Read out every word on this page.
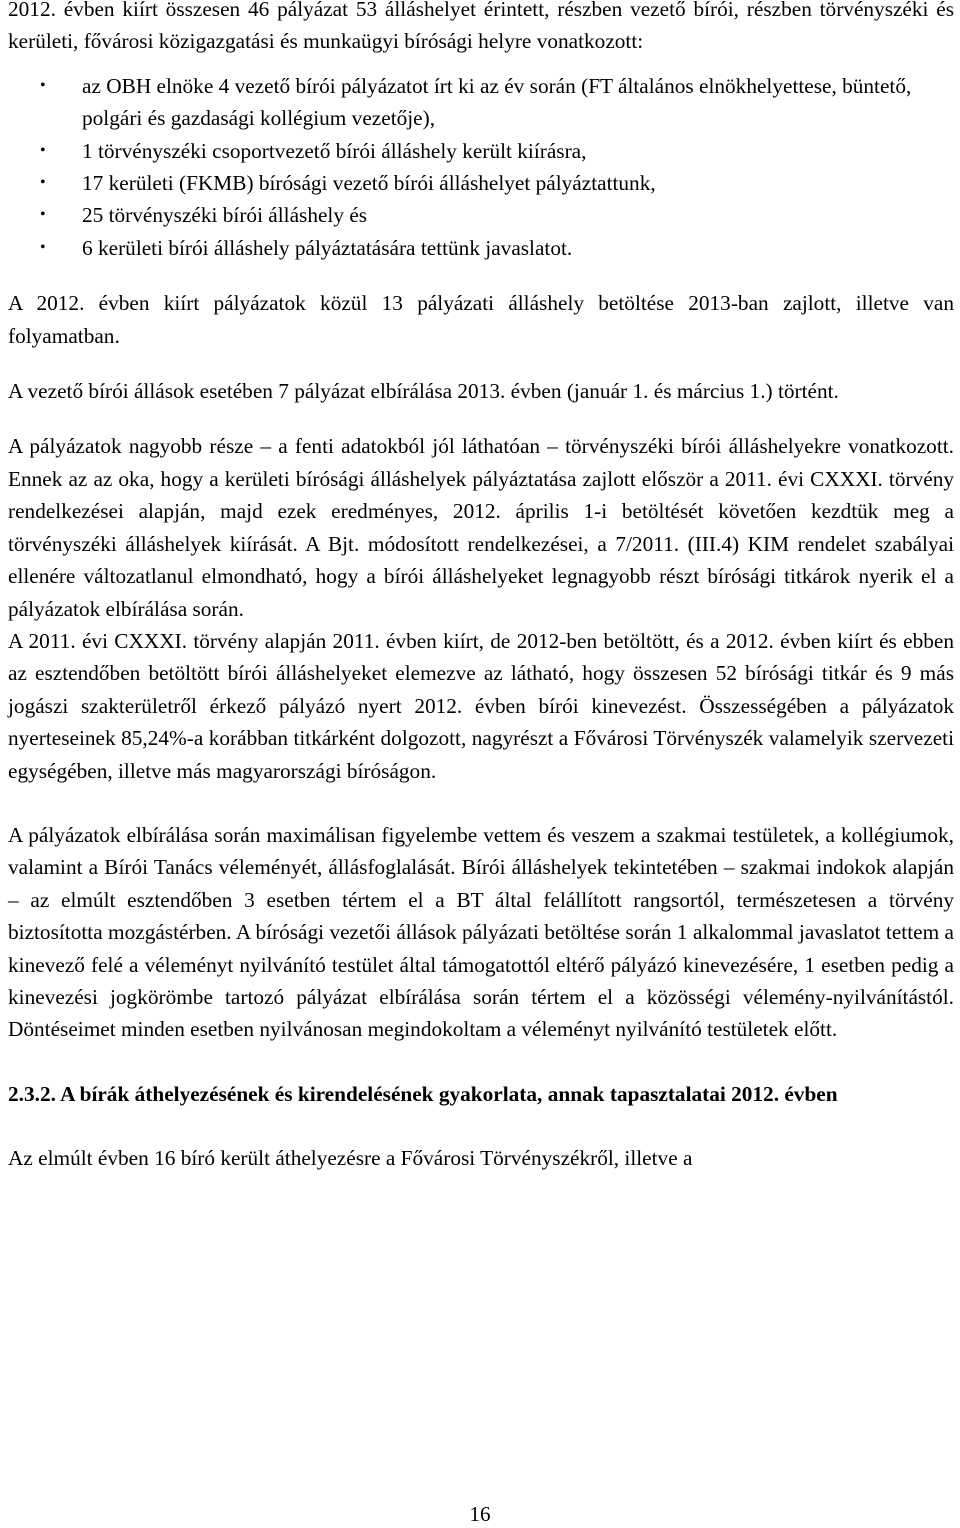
2012. évben kiírt összesen 46 pályázat 53 álláshelyet érintett, részben vezető bírói, részben törvényszéki és kerületi, fővárosi közigazgatási és munkaügyi bírósági helyre vonatkozott:

• az OBH elnöke 4 vezető bírói pályázatot írt ki az év során (FT általános elnökhelyettese, büntető, polgári és gazdasági kollégium vezetője),
• 1 törvényszéki csoportvezető bírói álláshely került kiírásra,
• 17 kerületi (FKMB) bírósági vezető bírói álláshelyet pályáztattunk,
• 25 törvényszéki bírói álláshely és
• 6 kerületi bírói álláshely pályáztatására tettünk javaslatot.

A 2012. évben kiírt pályázatok közül 13 pályázati álláshely betöltése 2013-ban zajlott, illetve van folyamatban.

A vezető bírói állások esetében 7 pályázat elbírálása 2013. évben (január 1. és március 1.) történt.

A pályázatok nagyobb része – a fenti adatokból jól láthatóan – törvényszéki bírói álláshelyekre vonatkozott. Ennek az az oka, hogy a kerületi bírósági álláshelyek pályáztatása zajlott először a 2011. évi CXXXI. törvény rendelkezései alapján, majd ezek eredményes, 2012. április 1-i betöltését követően kezdtük meg a törvényszéki álláshelyek kiírását. A Bjt. módosított rendelkezései, a 7/2011. (III.4) KIM rendelet szabályai ellenére változatlanul elmondható, hogy a bírói álláshelyeket legnagyobb részt bírósági titkárok nyerik el a pályázatok elbírálása során.

A 2011. évi CXXXI. törvény alapján 2011. évben kiírt, de 2012-ben betöltött, és a 2012. évben kiírt és ebben az esztendőben betöltött bírói álláshelyeket elemezve az látható, hogy összesen 52 bírósági titkár és 9 más jogászi szakterületről érkező pályázó nyert 2012. évben bírói kinevezést. Összességében a pályázatok nyerteseinek 85,24%-a korábban titkárként dolgozott, nagyrészt a Fővárosi Törvényszék valamelyik szervezeti egységében, illetve más magyarországi bíróságon.

A pályázatok elbírálása során maximálisan figyelembe vettem és veszem a szakmai testületek, a kollégiumok, valamint a Bírói Tanács véleményét, állásfoglalását. Bírói álláshelyek tekintetében – szakmai indokok alapján – az elmúlt esztendőben 3 esetben tértem el a BT által felállított rangsortól, természetesen a törvény biztosította mozgástérben. A bírósági vezetői állások pályázati betöltése során 1 alkalommal javaslatot tettem a kinevező felé a véleményt nyilvánító testület által támogatottól eltérő pályázó kinevezésére, 1 esetben pedig a kinevezési jogkörömbe tartozó pályázat elbírálása során tértem el a közösségi vélemény-nyilvánítástól. Döntéseimet minden esetben nyilvánosan megindokoltam a véleményt nyilvánító testületek előtt.

2.3.2. A bírák áthelyezésének és kirendelésének gyakorlata, annak tapasztalatai 2012. évben

Az elmúlt évben 16 bíró került áthelyezésre a Fővárosi Törvényszékről, illetve a

16
